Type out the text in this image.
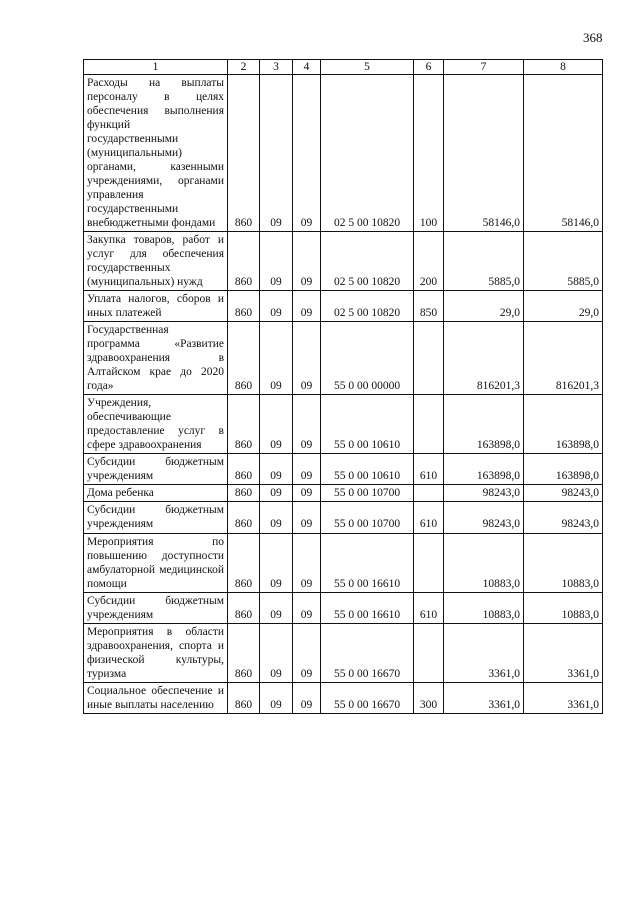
368
1	2	3	4	5	6	7	8
Расходы на выплаты персоналу в целях обеспечения выполнения функций государственными (муниципальными) органами, казенными учреждениями, органами управления государственными внебюджетными фондами	860	09	09	02 5 00 10820	100	58146,0	58146,0
Закупка товаров, работ и услуг для обеспечения государственных (муниципальных) нужд	860	09	09	02 5 00 10820	200	5885,0	5885,0
Уплата налогов, сборов и иных платежей	860	09	09	02 5 00 10820	850	29,0	29,0
Государственная программа «Развитие здравоохранения в Алтайском крае до 2020 года»	860	09	09	55 0 00 00000		816201,3	816201,3
Учреждения, обеспечивающие предоставление услуг в сфере здравоохранения	860	09	09	55 0 00 10610		163898,0	163898,0
Субсидии бюджетным учреждениям	860	09	09	55 0 00 10610	610	163898,0	163898,0
Дома ребенка	860	09	09	55 0 00 10700		98243,0	98243,0
Субсидии бюджетным учреждениям	860	09	09	55 0 00 10700	610	98243,0	98243,0
Мероприятия по повышению доступности амбулаторной медицинской помощи	860	09	09	55 0 00 16610		10883,0	10883,0
Субсидии бюджетным учреждениям	860	09	09	55 0 00 16610	610	10883,0	10883,0
Мероприятия в области здравоохранения, спорта и физической культуры, туризма	860	09	09	55 0 00 16670		3361,0	3361,0
Социальное обеспечение и иные выплаты населению	860	09	09	55 0 00 16670	300	3361,0	3361,0
